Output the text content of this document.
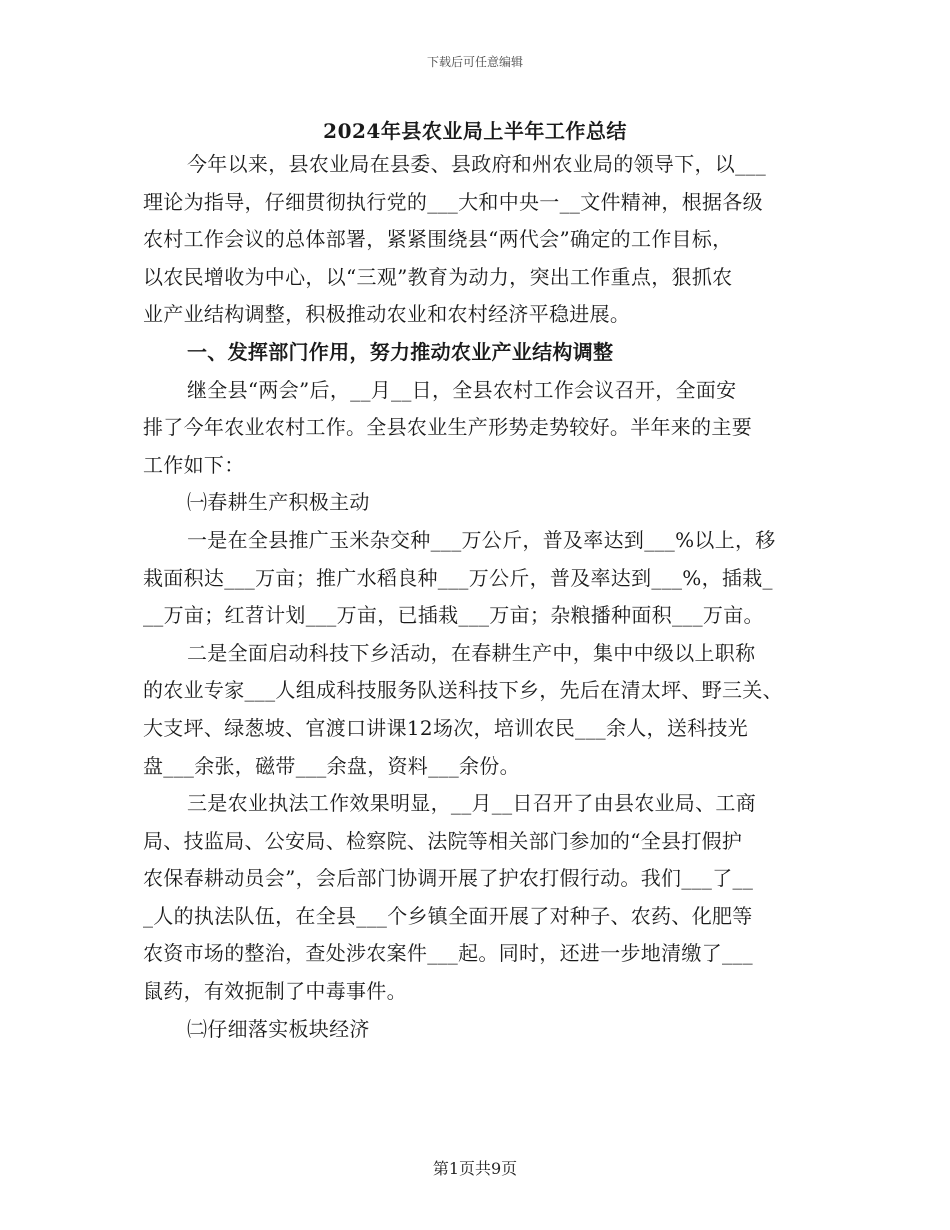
下载后可任意编辑
2024年县农业局上半年工作总结
今年以来，县农业局在县委、县政府和州农业局的领导下，以___
理论为指导，仔细贯彻执行党的___大和中央一__文件精神，根据各级
农村工作会议的总体部署，紧紧围绕县“两代会”确定的工作目标，
以农民增收为中心，以“三观”教育为动力，突出工作重点，狠抓农
业产业结构调整，积极推动农业和农村经济平稳进展。
一、发挥部门作用，努力推动农业产业结构调整
继全县“两会”后，__月__日，全县农村工作会议召开，全面安
排了今年农业农村工作。全县农业生产形势走势较好。半年来的主要
工作如下：
㈠春耕生产积极主动
一是在全县推广玉米杂交种___万公斤，普及率达到___%以上，移
栽面积达___万亩；推广水稻良种___万公斤，普及率达到___%，插栽_
__万亩；红苕计划___万亩，已插栽___万亩；杂粮播种面积___万亩。
二是全面启动科技下乡活动，在春耕生产中，集中中级以上职称
的农业专家___人组成科技服务队送科技下乡，先后在清太坪、野三关、
大支坪、绿葱坡、官渡口讲课12场次，培训农民___余人，送科技光
盘___余张，磁带___余盘，资料___余份。
三是农业执法工作效果明显，__月__日召开了由县农业局、工商
局、技监局、公安局、检察院、法院等相关部门参加的“全县打假护
农保春耕动员会”，会后部门协调开展了护农打假行动。我们___了__
_人的执法队伍，在全县___个乡镇全面开展了对种子、农药、化肥等
农资市场的整治，查处涉农案件___起。同时，还进一步地清缴了___
鼠药，有效扼制了中毒事件。
㈡仔细落实板块经济
第1页共9页
